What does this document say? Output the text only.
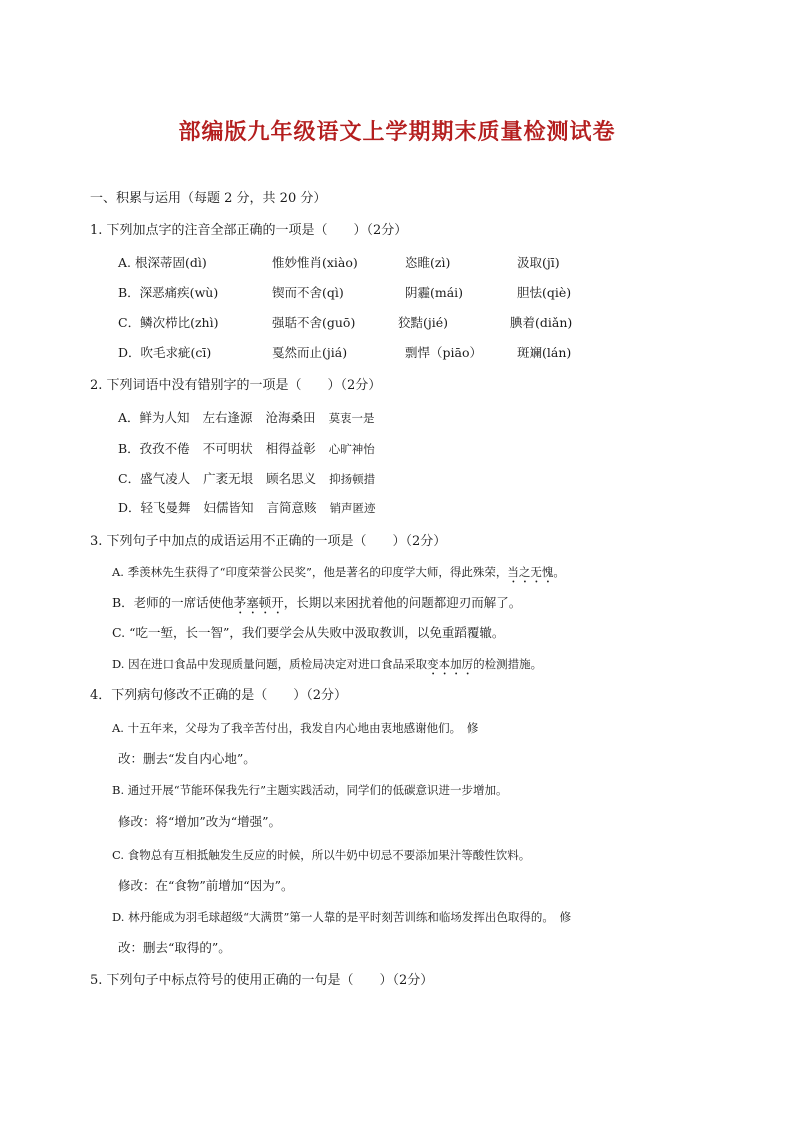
部编版九年级语文上学期期末质量检测试卷
一、积累与运用（每题 2 分，共 20 分）
1. 下列加点字的注音全部正确的一项是（　　）（2分）
A. 根深蒂固(dì)	惟妙惟肖(xiào)	恣睢(zì)	汲取(jī)
B．深恶痛疾(wù)	锲而不舍(qì)	阴霾(mái)	胆怯(qiè)
C．鳞次栉比(zhì)	强聒不舍(guō)	狡黠(jié)	腆着(diǎn)
D．吹毛求疵(cī)	戛然而止(jiá)	剽悍（piāo）	斑斓(lán)
2. 下列词语中没有错别字的一项是（　　）（2分）
A．鲜为人知 左右逢源 沧海桑田 莫衷一是
B．孜孜不倦 不可明状 相得益彰 心旷神怡
C．盛气凌人 广袤无垠 顾名思义 抑扬顿措
D．轻飞曼舞 妇儒皆知 言简意赅 销声匿迹
3. 下列句子中加点的成语运用不正确的一项是（　　）（2分）
A. 季羡林先生获得了“印度荣誉公民奖”，他是著名的印度学大师，得此殊荣，当之无愧。
B．老师的一席话使他茅塞顿开，长期以来困扰着他的问题都迎刃而解了。
C. “吃一堑，长一智”，我们要学会从失败中汲取教训，以免重蹈覆辙。
D. 因在进口食品中发现质量问题，质检局决定对进口食品采取变本加厉的检测措施。
4．下列病句修改不正确的是（　　）（2分）
A. 十五年来，父母为了我辛苦付出，我发自内心地由衷地感谢他们。　修
改：删去“发自内心地”。
B. 通过开展“节能环保我先行”主题实践活动，同学们的低碳意识进一步增加。
修改：将“增加”改为“增强”。
C. 食物总有互相抵触发生反应的时候，所以牛奶中切忌不要添加果汁等酸性饮料。
修改：在“食物”前增加“因为”。
D. 林丹能成为羽毛球超级“大满贯”第一人靠的是平时刻苦训练和临场发挥出色取得的。　修
改：删去“取得的”。
5. 下列句子中标点符号的使用正确的一句是（　　）（2分）
